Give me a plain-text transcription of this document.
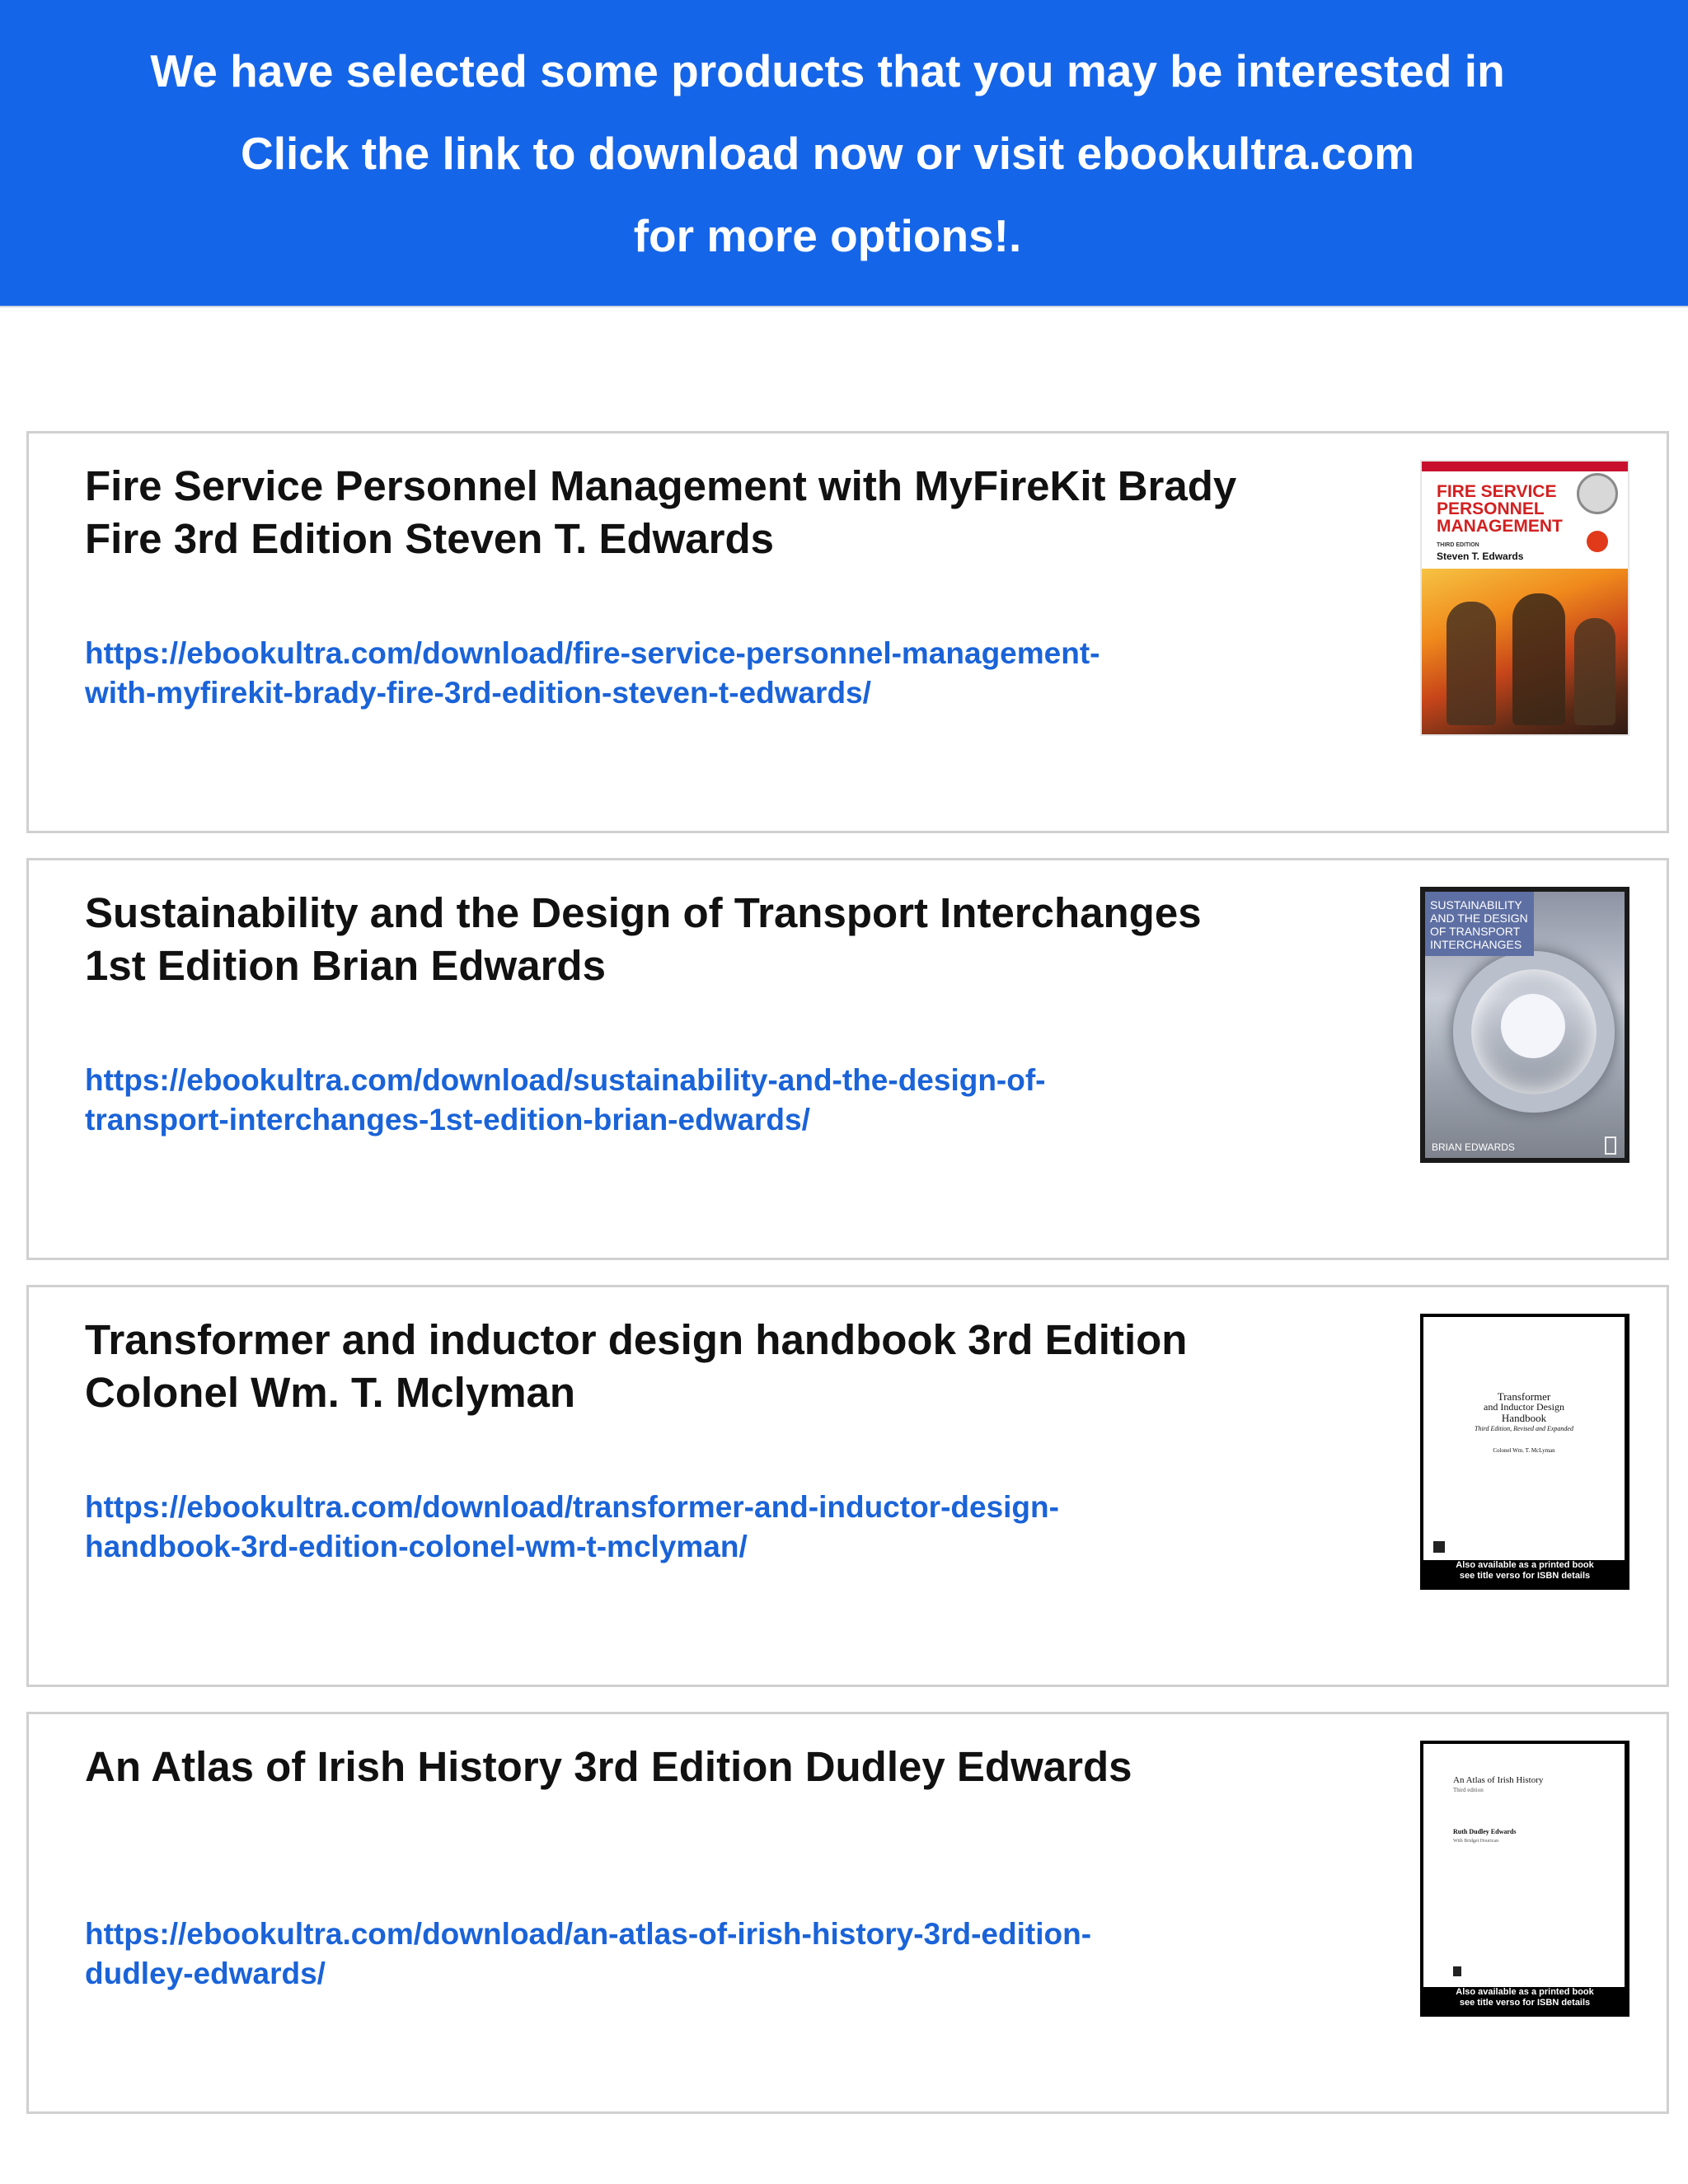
We have selected some products that you may be interested in
Click the link to download now or visit ebookultra.com
for more options!.
Fire Service Personnel Management with MyFireKit Brady
Fire 3rd Edition Steven T. Edwards
https://ebookultra.com/download/fire-service-personnel-management-
with-myfirekit-brady-fire-3rd-edition-steven-t-edwards/
FIRE SERVICE PERSONNEL MANAGEMENT
THIRD EDITION
Steven T. Edwards
Sustainability and the Design of Transport Interchanges
1st Edition Brian Edwards
https://ebookultra.com/download/sustainability-and-the-design-of-
transport-interchanges-1st-edition-brian-edwards/
SUSTAINABILITY AND THE DESIGN OF TRANSPORT INTERCHANGES
BRIAN EDWARDS
Transformer and inductor design handbook 3rd Edition
Colonel Wm. T. Mclyman
https://ebookultra.com/download/transformer-and-inductor-design-
handbook-3rd-edition-colonel-wm-t-mclyman/
Transformer
and Inductor Design
Handbook
Third Edition, Revised and Expanded
Colonel Wm. T. McLyman
Also available as a printed book
see title verso for ISBN details
An Atlas of Irish History 3rd Edition Dudley Edwards
https://ebookultra.com/download/an-atlas-of-irish-history-3rd-edition-
dudley-edwards/
An Atlas of Irish History
Third edition
Ruth Dudley Edwards
With Bridget Hourican
Also available as a printed book
see title verso for ISBN details
